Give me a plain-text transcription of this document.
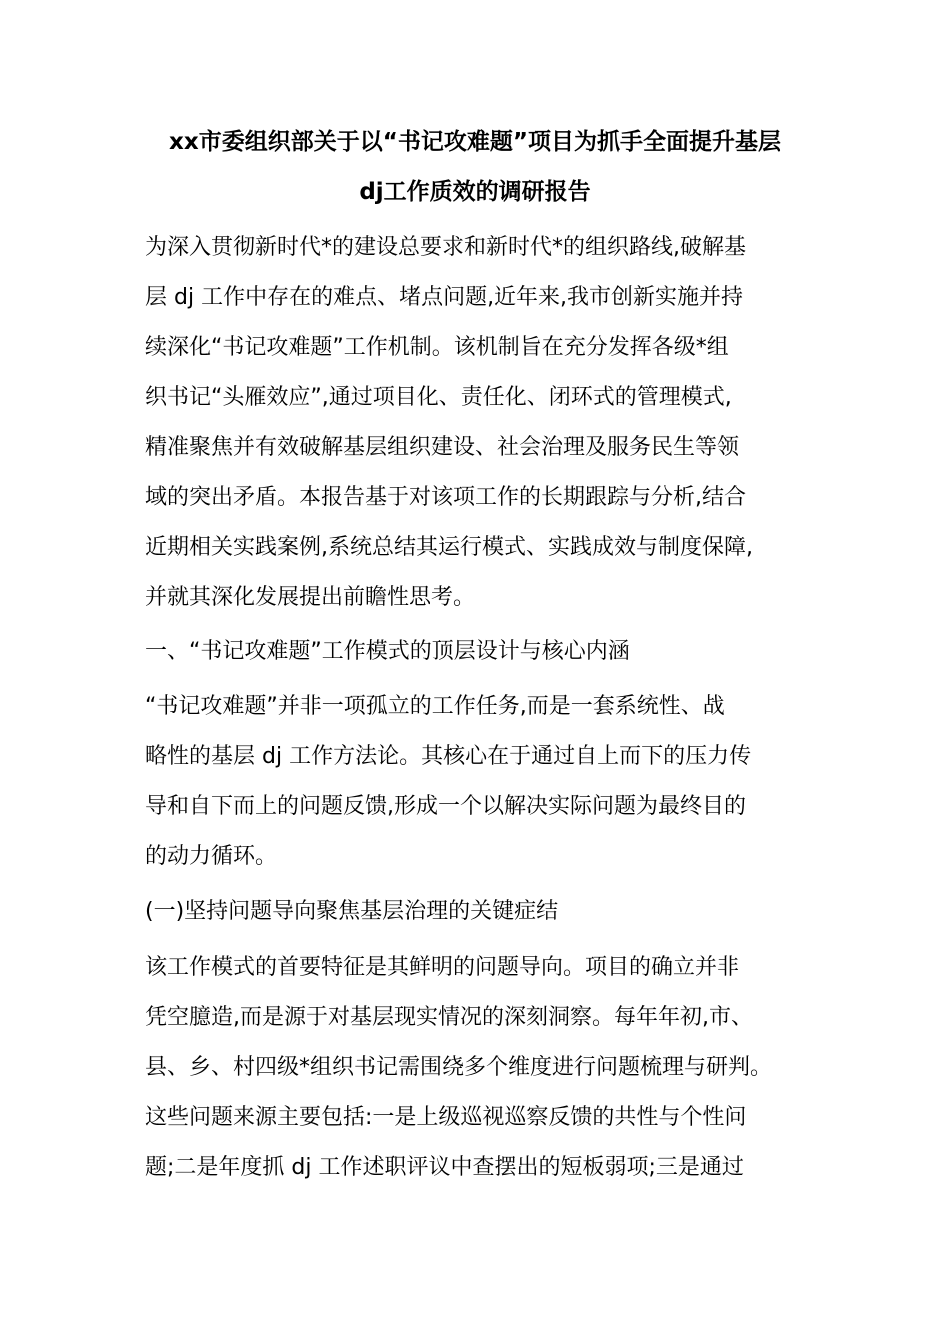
xx市委组织部关于以“书记攻难题”项目为抓手全面提升基层
dj工作质效的调研报告
为深入贯彻新时代*的建设总要求和新时代*的组织路线,破解基
层 dj 工作中存在的难点、堵点问题,近年来,我市创新实施并持
续深化“书记攻难题”工作机制。该机制旨在充分发挥各级*组
织书记“头雁效应”,通过项目化、责任化、闭环式的管理模式,
精准聚焦并有效破解基层组织建设、社会治理及服务民生等领
域的突出矛盾。本报告基于对该项工作的长期跟踪与分析,结合
近期相关实践案例,系统总结其运行模式、实践成效与制度保障,
并就其深化发展提出前瞻性思考。
一、“书记攻难题”工作模式的顶层设计与核心内涵
“书记攻难题”并非一项孤立的工作任务,而是一套系统性、战
略性的基层 dj 工作方法论。其核心在于通过自上而下的压力传
导和自下而上的问题反馈,形成一个以解决实际问题为最终目的
的动力循环。
(一)坚持问题导向聚焦基层治理的关键症结
该工作模式的首要特征是其鲜明的问题导向。项目的确立并非
凭空臆造,而是源于对基层现实情况的深刻洞察。每年年初,市、
县、乡、村四级*组织书记需围绕多个维度进行问题梳理与研判。
这些问题来源主要包括:一是上级巡视巡察反馈的共性与个性问
题;二是年度抓 dj 工作述职评议中查摆出的短板弱项;三是通过
